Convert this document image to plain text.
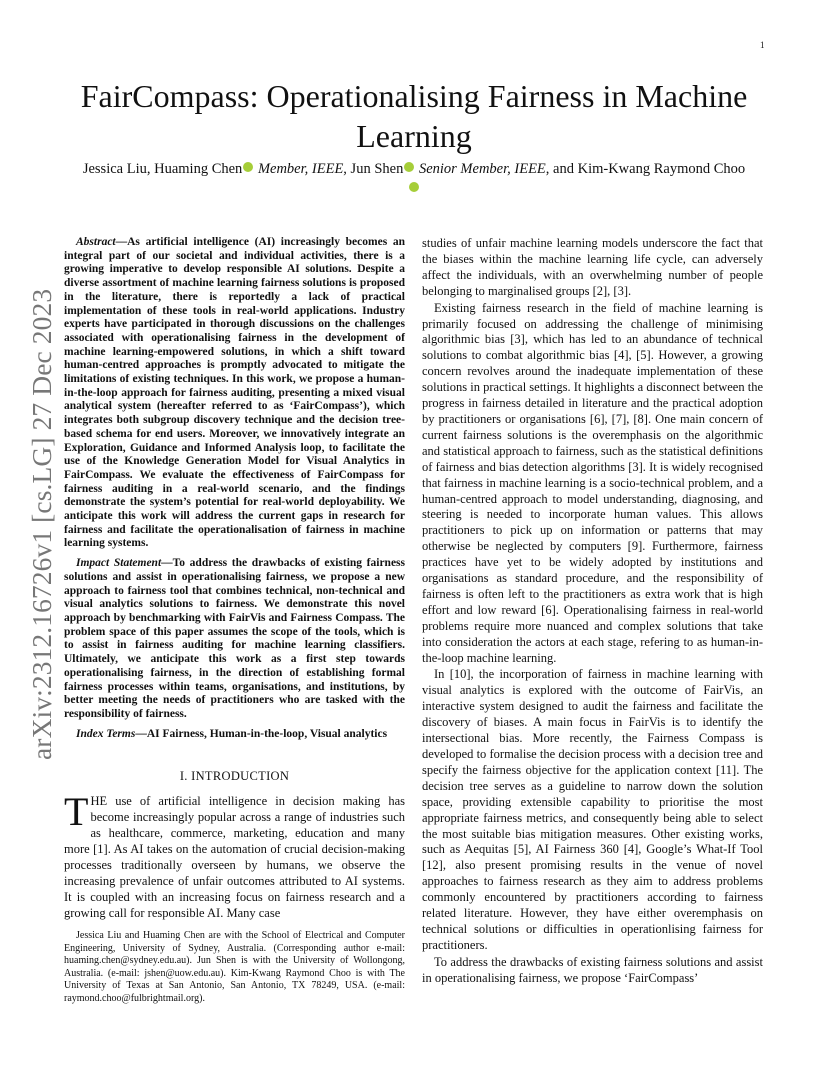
1
arXiv:2312.16726v1 [cs.LG] 27 Dec 2023
FairCompass: Operationalising Fairness in Machine Learning
Jessica Liu, Huaming Chen Member, IEEE, Jun Shen Senior Member, IEEE, and Kim-Kwang Raymond Choo

Abstract—As artificial intelligence (AI) increasingly becomes an integral part of our societal and individual activities, there is a growing imperative to develop responsible AI solutions. Despite a diverse assortment of machine learning fairness solutions is proposed in the literature, there is reportedly a lack of practical implementation of these tools in real-world applications. Industry experts have participated in thorough discussions on the challenges associated with operationalising fairness in the development of machine learning-empowered solutions, in which a shift toward human-centred approaches is promptly advocated to mitigate the limitations of existing techniques. In this work, we propose a human-in-the-loop approach for fairness auditing, presenting a mixed visual analytical system (hereafter referred to as ‘FairCompass’), which integrates both subgroup discovery technique and the decision tree-based schema for end users. Moreover, we innovatively integrate an Exploration, Guidance and Informed Analysis loop, to facilitate the use of the Knowledge Generation Model for Visual Analytics in FairCompass. We evaluate the effectiveness of FairCompass for fairness auditing in a real-world scenario, and the findings demonstrate the system’s potential for real-world deployability. We anticipate this work will address the current gaps in research for fairness and facilitate the operationalisation of fairness in machine learning systems.

Impact Statement—To address the drawbacks of existing fairness solutions and assist in operationalising fairness, we propose a new approach to fairness tool that combines technical, non-technical and visual analytics solutions to fairness. We demonstrate this novel approach by benchmarking with FairVis and Fairness Compass. The problem space of this paper assumes the scope of the tools, which is to assist in fairness auditing for machine learning classifiers. Ultimately, we anticipate this work as a first step towards operationalising fairness, in the direction of establishing formal fairness processes within teams, organisations, and institutions, by better meeting the needs of practitioners who are tasked with the responsibility of fairness.

Index Terms—AI Fairness, Human-in-the-loop, Visual analytics

I. INTRODUCTION

THE use of artificial intelligence in decision making has become increasingly popular across a range of industries such as healthcare, commerce, marketing, education and many more [1]. As AI takes on the automation of crucial decision-making processes traditionally overseen by humans, we observe the increasing prevalence of unfair outcomes attributed to AI systems. It is coupled with an increasing focus on fairness research and a growing call for responsible AI. Many case

Jessica Liu and Huaming Chen are with the School of Electrical and Computer Engineering, University of Sydney, Australia. (Corresponding author e-mail: huaming.chen@sydney.edu.au). Jun Shen is with the University of Wollongong, Australia. (e-mail: jshen@uow.edu.au). Kim-Kwang Raymond Choo is with The University of Texas at San Antonio, San Antonio, TX 78249, USA. (e-mail: raymond.choo@fulbrightmail.org).

studies of unfair machine learning models underscore the fact that the biases within the machine learning life cycle, can adversely affect the individuals, with an overwhelming number of people belonging to marginalised groups [2], [3].

Existing fairness research in the field of machine learning is primarily focused on addressing the challenge of minimising algorithmic bias [3], which has led to an abundance of technical solutions to combat algorithmic bias [4], [5]. However, a growing concern revolves around the inadequate implementation of these solutions in practical settings. It highlights a disconnect between the progress in fairness detailed in literature and the practical adoption by practitioners or organisations [6], [7], [8]. One main concern of current fairness solutions is the overemphasis on the algorithmic and statistical approach to fairness, such as the statistical definitions of fairness and bias detection algorithms [3]. It is widely recognised that fairness in machine learning is a socio-technical problem, and a human-centred approach to model understanding, diagnosing, and steering is needed to incorporate human values. This allows practitioners to pick up on information or patterns that may otherwise be neglected by computers [9]. Furthermore, fairness practices have yet to be widely adopted by institutions and organisations as standard procedure, and the responsibility of fairness is often left to the practitioners as extra work that is high effort and low reward [6]. Operationalising fairness in real-world problems require more nuanced and complex solutions that take into consideration the actors at each stage, refering to as human-in-the-loop machine learning.

In [10], the incorporation of fairness in machine learning with visual analytics is explored with the outcome of FairVis, an interactive system designed to audit the fairness and facilitate the discovery of biases. A main focus in FairVis is to identify the intersectional bias. More recently, the Fairness Compass is developed to formalise the decision process with a decision tree and specify the fairness objective for the application context [11]. The decision tree serves as a guideline to narrow down the solution space, providing extensible capability to prioritise the most appropriate fairness metrics, and consequently being able to select the most suitable bias mitigation measures. Other existing works, such as Aequitas [5], AI Fairness 360 [4], Google’s What-If Tool [12], also present promising results in the venue of novel approaches to fairness research as they aim to address problems commonly encountered by practitioners according to fairness related literature. However, they have either overemphasis on technical solutions or difficulties in operationlising fairness for practitioners.

To address the drawbacks of existing fairness solutions and assist in operationalising fairness, we propose ‘FairCompass’
